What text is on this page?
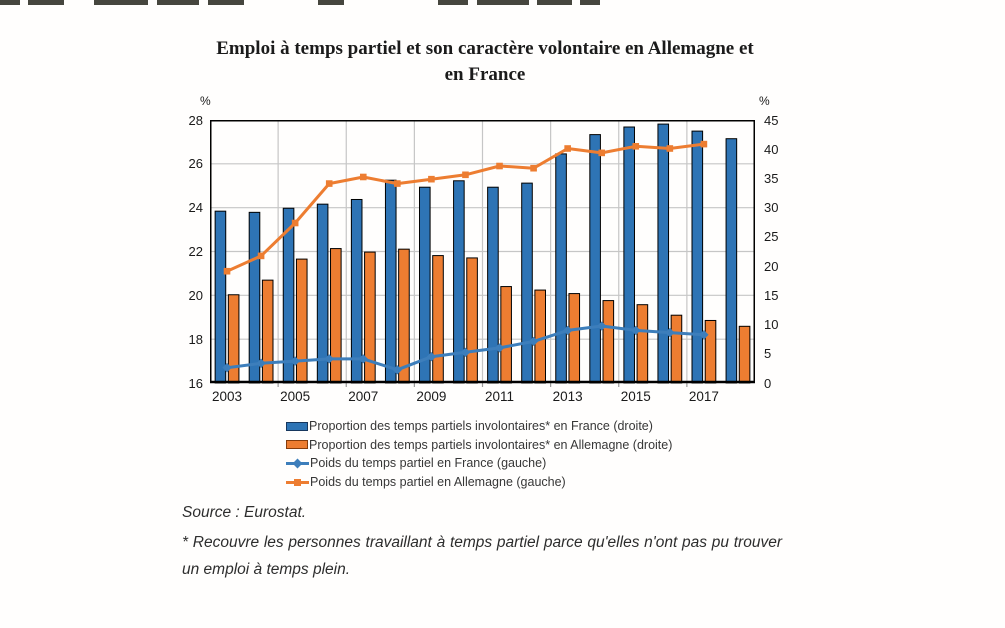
Emploi à temps partiel et son caractère volontaire en Allemagne et
en France
%	%
28
26
24
22
20
18
16
45
40
35
30
25
20
15
10
5
0
2003	2005	2007	2009	2011	2013	2015	2017
Proportion des temps partiels involontaires* en France (droite)
Proportion des temps partiels involontaires* en Allemagne (droite)
Poids du temps partiel en France (gauche)
Poids du temps partiel en Allemagne (gauche)

Source : Eurostat.

* Recouvre les personnes travaillant à temps partiel parce qu'elles n'ont pas pu trouver un emploi à temps plein.
